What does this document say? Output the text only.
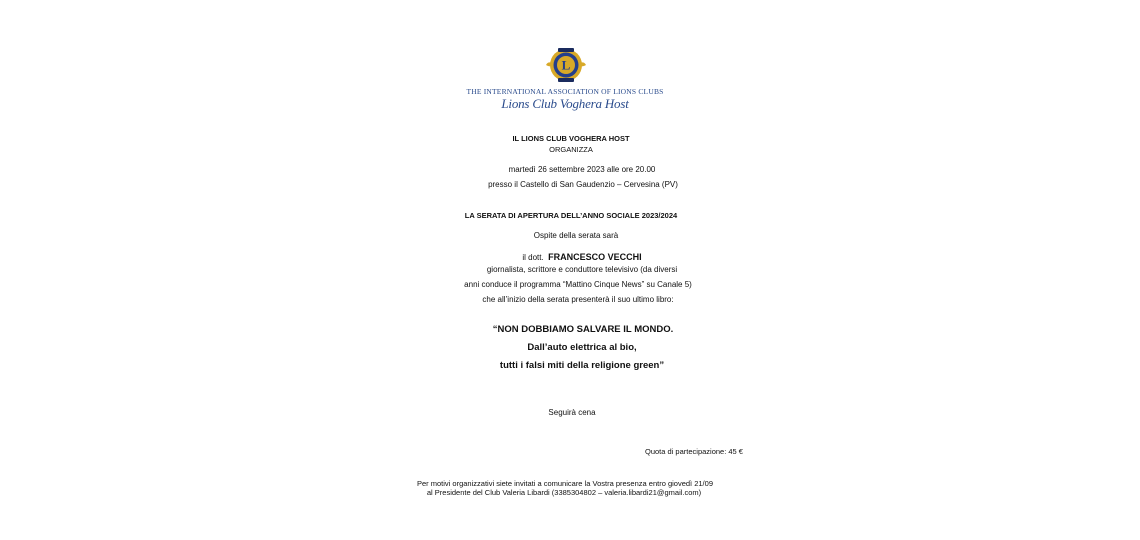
L
THE INTERNATIONAL ASSOCIATION OF LIONS CLUBS
Lions Club Voghera Host
IL LIONS CLUB VOGHERA HOST
ORGANIZZA
martedì 26 settembre 2023 alle ore 20.00
presso il Castello di San Gaudenzio – Cervesina (PV)
LA SERATA DI APERTURA DELL’ANNO SOCIALE 2023/2024
Ospite della serata sarà
il dott. FRANCESCO VECCHI
giornalista, scrittore e conduttore televisivo (da diversi
anni conduce il programma “Mattino Cinque News” su Canale 5)
che all’inizio della serata presenterà il suo ultimo libro:
“NON DOBBIAMO SALVARE IL MONDO.
Dall’auto elettrica al bio,
tutti i falsi miti della religione green”
Seguirà cena
Quota di partecipazione: 45 €
Per motivi organizzativi siete invitati a comunicare la Vostra presenza entro giovedì 21/09
al Presidente del Club Valeria Libardi (3385304802 – valeria.libardi21@gmail.com)
